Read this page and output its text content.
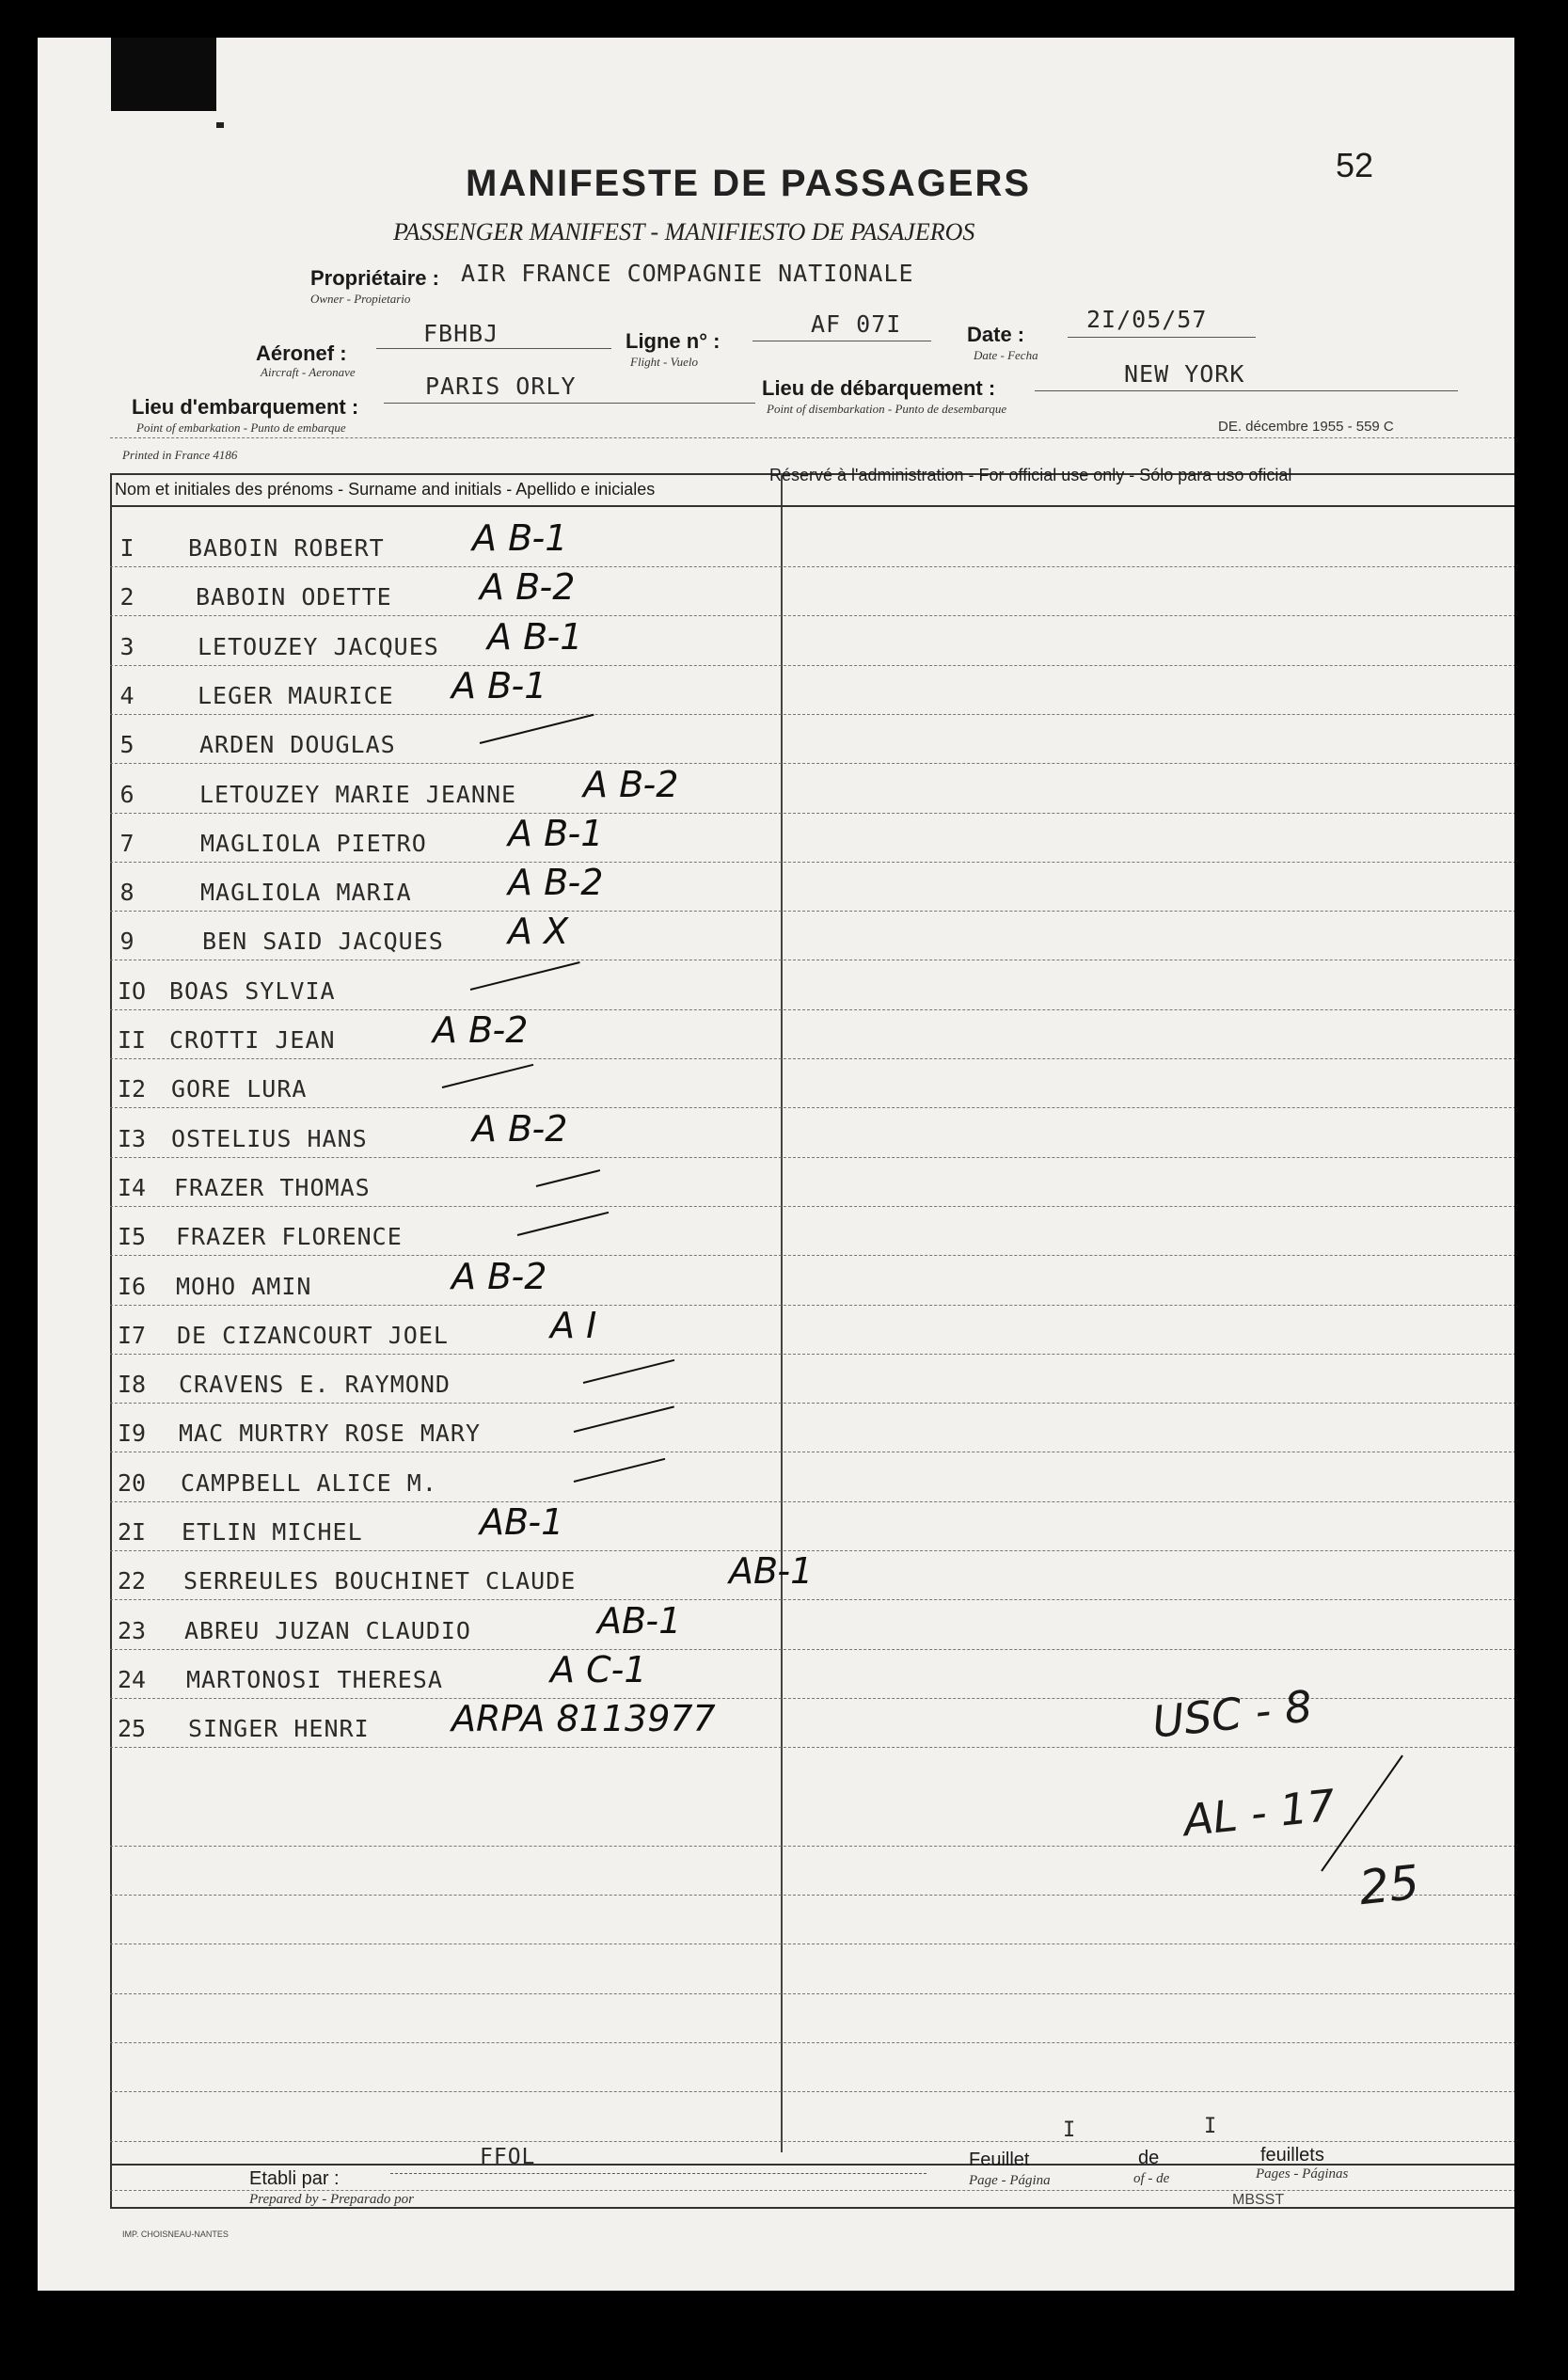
52
MANIFESTE DE PASSAGERS
PASSENGER MANIFEST - MANIFIESTO DE PASAJEROS
Propriétaire : AIR FRANCE COMPAGNIE NATIONALE
Owner - Propietario
Aéronef :
Aircraft - Aeronave
FBHBJ	Ligne n° :
Flight - Vuelo
AF 07I	Date :
Date - Fecha
2I/05/57
Lieu d'embarquement :
Point of embarkation - Punto de embarque
PARIS ORLY	Lieu de débarquement :
Point of disembarkation - Punto de desembarque
NEW YORK
Printed in France 4186
DE. décembre 1955 - 559 C
Nom et initiales des prénoms - Surname and initials - Apellido e iniciales
Réservé à l'administration - For official use only - Sólo para uso oficial
I	BABOIN ROBERT A B-1
2	BABOIN ODETTE A B-2
3	LETOUZEY JACQUES A B-1
4	LEGER MAURICE A B-1
5	ARDEN DOUGLAS
6	LETOUZEY MARIE JEANNE A B-2
7	MAGLIOLA PIETRO A B-1
8	MAGLIOLA MARIA	A B-2
9	BEN SAID JACQUES A X
IO BOAS SYLVIA
II CROTTI JEAN	A B-2
I2	GORE LURA
I3	OSTELIUS HANS	A B-2
I4	FRAZER THOMAS
I5	FRAZER FLORENCE
I6	MOHO AMIN	A B-2
I7	DE CIZANCOURT JOEL	A I
I8	CRAVENS E. RAYMOND
I9	MAC MURTRY ROSE MARY
20	CAMPBELL ALICE M.
2I	ETLIN MICHEL	AB-1
22	SERREULES BOUCHINET CLAUDE	AB-1
23	ABREU JUZAN CLAUDIO	AB-1
24	MARTONOSI THERESA	A C-1
25	SINGER HENRI ARPA 8113977	USC - 8
AL - 17
25
Etabli par :
Prepared by - Preparado por
FFOL	Feuillet
Page - Página
I
de
of - de
I
feuillets
Pages - Páginas
MBSST
IMP. CHOISNEAU-NANTES
